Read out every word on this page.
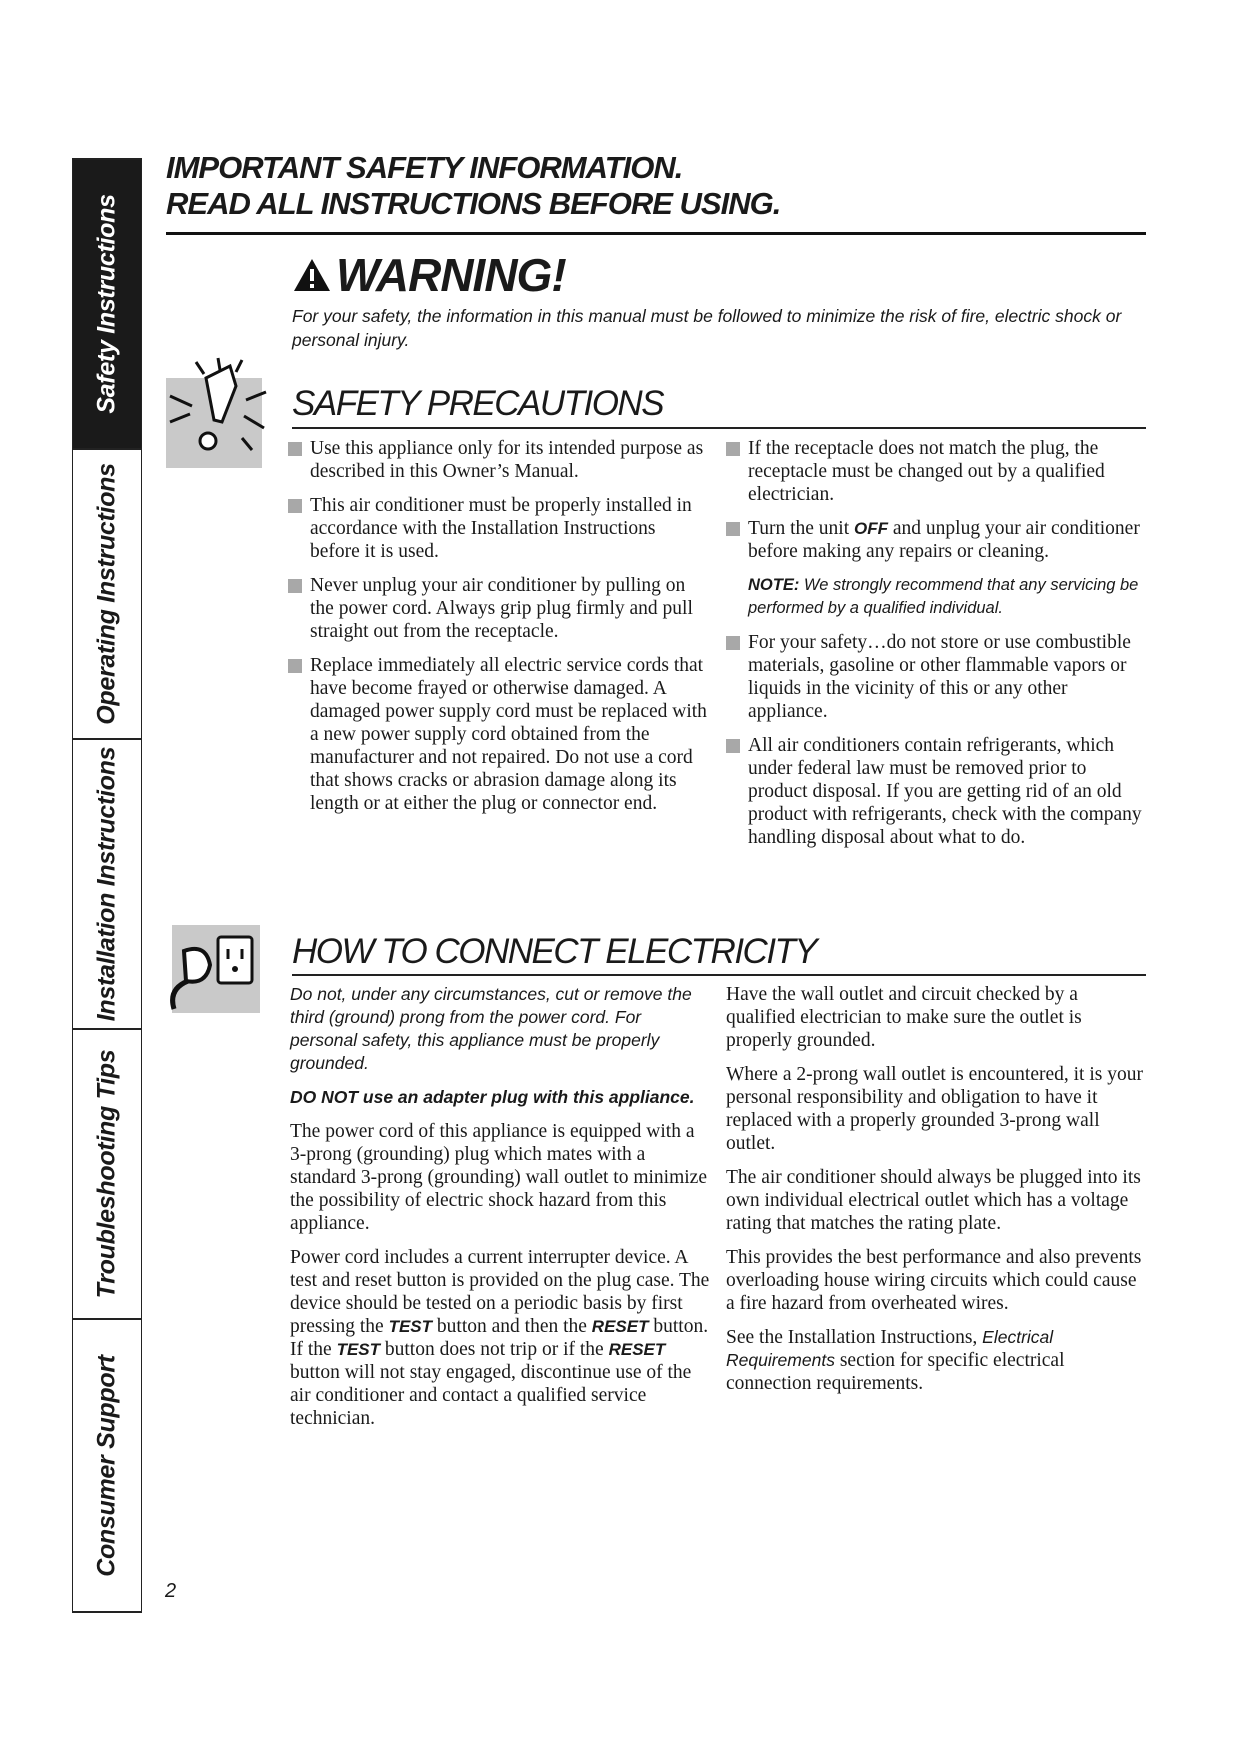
Safety Instructions
Operating Instructions
Installation Instructions
Troubleshooting Tips
Consumer Support
IMPORTANT SAFETY INFORMATION.
READ ALL INSTRUCTIONS BEFORE USING.
WARNING!
For your safety, the information in this manual must be followed to minimize the risk of fire, electric shock or personal injury.
SAFETY PRECAUTIONS
Use this appliance only for its intended purpose as described in this Owner’s Manual.
This air conditioner must be properly installed in accordance with the Installation Instructions before it is used.
Never unplug your air conditioner by pulling on the power cord. Always grip plug firmly and pull straight out from the receptacle.
Replace immediately all electric service cords that have become frayed or otherwise damaged. A damaged power supply cord must be replaced with a new power supply cord obtained from the manufacturer and not repaired. Do not use a cord that shows cracks or abrasion damage along its length or at either the plug or connector end.
If the receptacle does not match the plug, the receptacle must be changed out by a qualified electrician.
Turn the unit OFF and unplug your air conditioner before making any repairs or cleaning.
NOTE: We strongly recommend that any servicing be performed by a qualified individual.
For your safety…do not store or use combustible materials, gasoline or other flammable vapors or liquids in the vicinity of this or any other appliance.
All air conditioners contain refrigerants, which under federal law must be removed prior to product disposal. If you are getting rid of an old product with refrigerants, check with the company handling disposal about what to do.
HOW TO CONNECT ELECTRICITY
Do not, under any circumstances, cut or remove the third (ground) prong from the power cord. For personal safety, this appliance must be properly grounded.
DO NOT use an adapter plug with this appliance.
The power cord of this appliance is equipped with a 3-prong (grounding) plug which mates with a standard 3-prong (grounding) wall outlet to minimize the possibility of electric shock hazard from this appliance.
Power cord includes a current interrupter device. A test and reset button is provided on the plug case. The device should be tested on a periodic basis by first pressing the TEST button and then the RESET button. If the TEST button does not trip or if the RESET button will not stay engaged, discontinue use of the air conditioner and contact a qualified service technician.
Have the wall outlet and circuit checked by a qualified electrician to make sure the outlet is properly grounded.
Where a 2-prong wall outlet is encountered, it is your personal responsibility and obligation to have it replaced with a properly grounded 3-prong wall outlet.
The air conditioner should always be plugged into its own individual electrical outlet which has a voltage rating that matches the rating plate.
This provides the best performance and also prevents overloading house wiring circuits which could cause a fire hazard from overheated wires.
See the Installation Instructions, Electrical Requirements section for specific electrical connection requirements.
2
